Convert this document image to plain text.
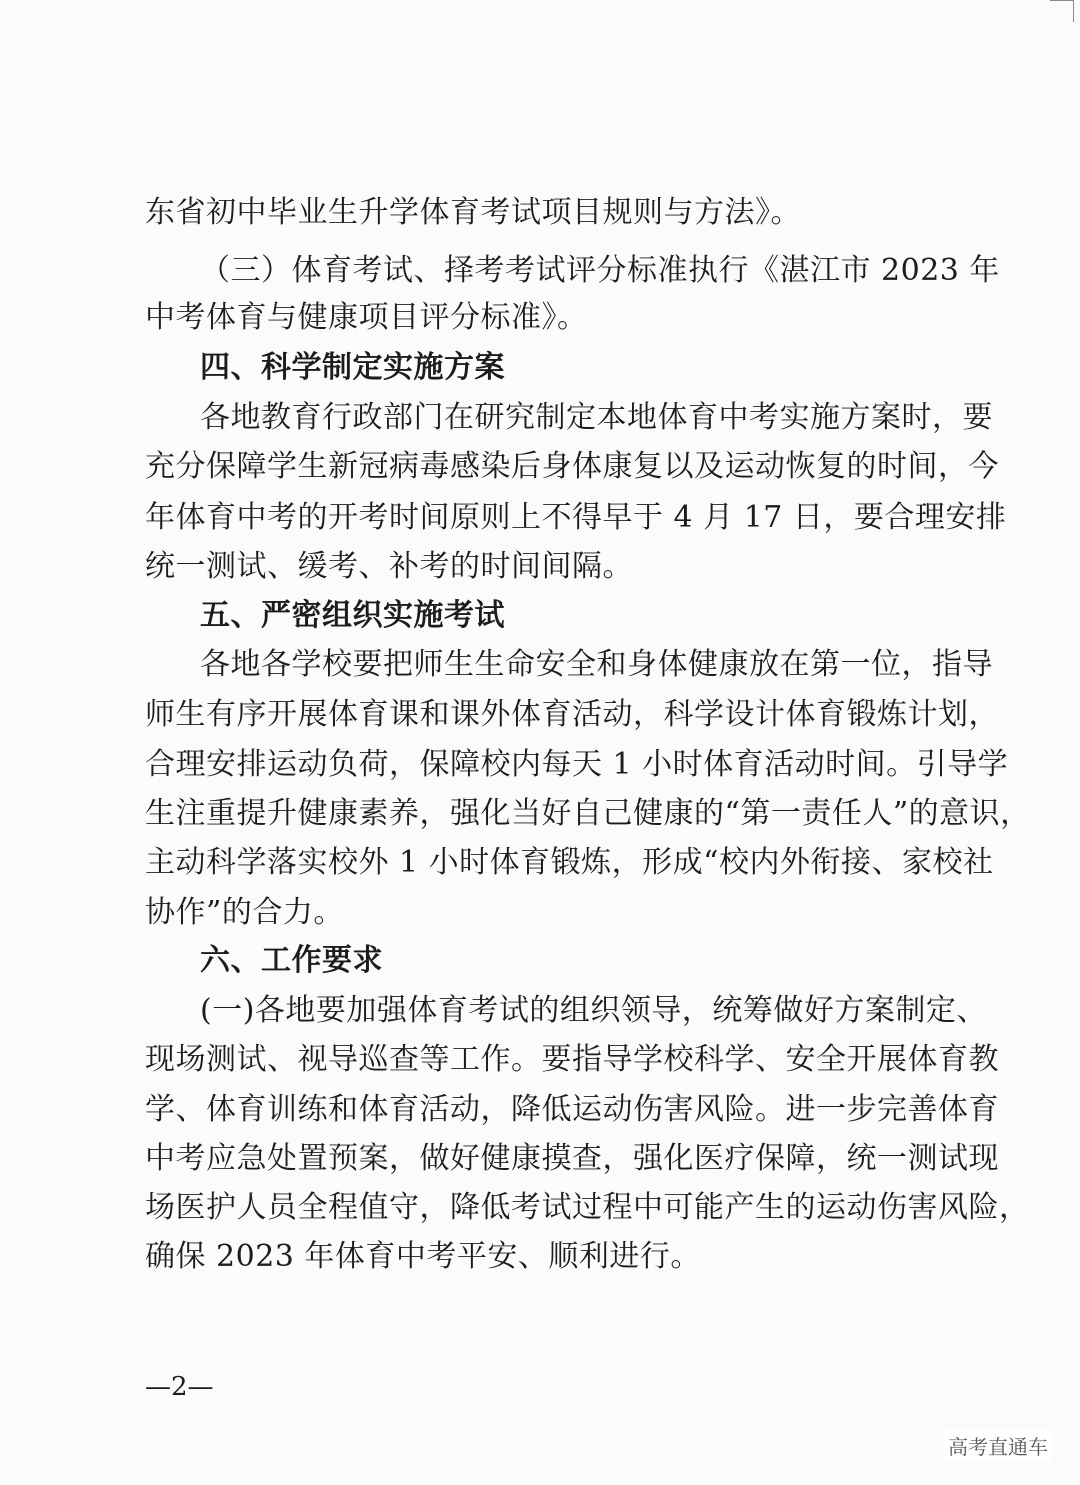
东省初中毕业生升学体育考试项目规则与方法》。
（三）体育考试、择考考试评分标准执行《湛江市 2023 年
中考体育与健康项目评分标准》。
四、科学制定实施方案
各地教育行政部门在研究制定本地体育中考实施方案时，要
充分保障学生新冠病毒感染后身体康复以及运动恢复的时间，今
年体育中考的开考时间原则上不得早于 4 月 17 日，要合理安排
统一测试、缓考、补考的时间间隔。
五、严密组织实施考试
各地各学校要把师生生命安全和身体健康放在第一位，指导
师生有序开展体育课和课外体育活动，科学设计体育锻炼计划，
合理安排运动负荷，保障校内每天 1 小时体育活动时间。引导学
生注重提升健康素养，强化当好自己健康的“第一责任人”的意识，
主动科学落实校外 1 小时体育锻炼，形成“校内外衔接、家校社
协作”的合力。
六、工作要求
(一)各地要加强体育考试的组织领导，统筹做好方案制定、
现场测试、视导巡查等工作。要指导学校科学、安全开展体育教
学、体育训练和体育活动，降低运动伤害风险。进一步完善体育
中考应急处置预案，做好健康摸查，强化医疗保障，统一测试现
场医护人员全程值守，降低考试过程中可能产生的运动伤害风险，
确保 2023 年体育中考平安、顺利进行。
—2—
高考直通车
